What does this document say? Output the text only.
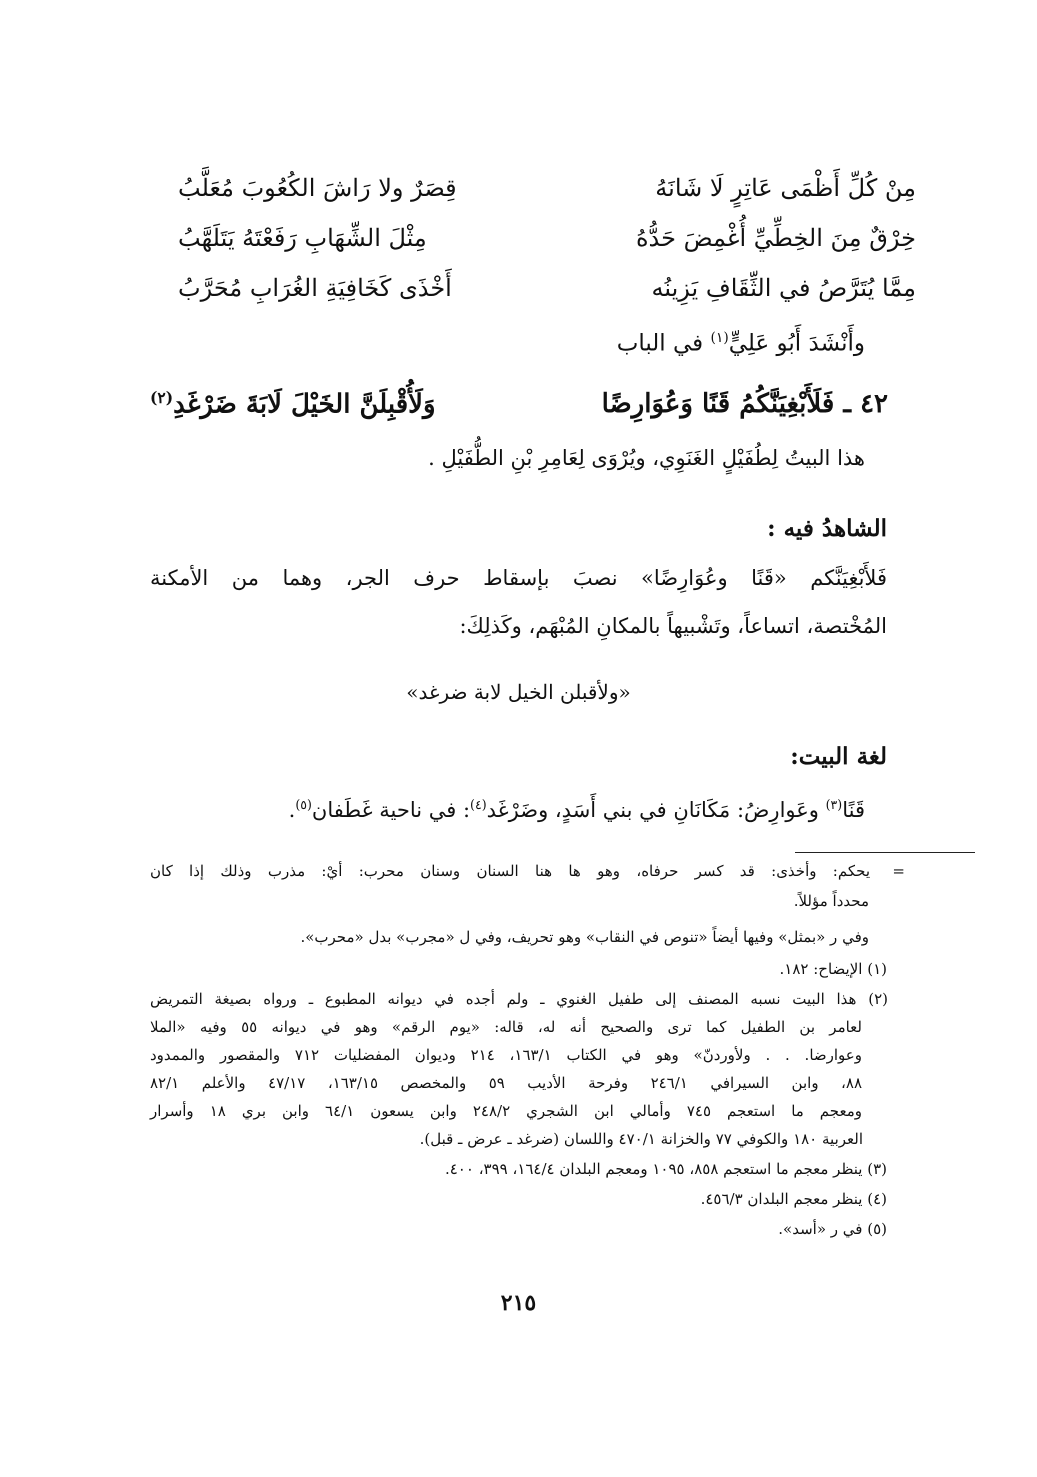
مِنْ كُلِّ أَظْمَى عَاتِرٍ لَا شَانَهُ
قِصَرٌ ولا رَاشَ الكُعُوبَ مُعَلَّبُ
خِرْقٌ مِنَ الخِطِّيِّ أُغْمِضَ حَدُّهُ
مِثْلَ الشِّهَابِ رَفَعْتَهُ يَتَلَهَّبُ
مِمَّا يُتَرَّصُ في الثِّقَافِ يَزِينُه
أَخْذَى كَخَافِيَةِ الغُرَابِ مُحَرَّبُ
وأَنْشَدَ أَبُو عَلِيٍّ$^{(١)}$ في الباب
٤٢ ـ فَلَأَبْغِيَنَّكُمُ قَنًا وَعُوَارِضًا
وَلَأُقْبِلَنَّ الخَيْلَ لَابَةَ ضَرْغَدِ$^{(٢)}$
هذا البيتُ لِطُفَيْلٍ الغَنَوِي، ويُرْوَى لِعَامِرِ بْنِ الطُّفَيْلِ .
الشاهدُ فيه :
فَلأَبْغِيَنَّكم «قَنًا وعُوَارِضًا» نصبَ بإسقاط حرف الجر، وهما من الأمكنة
المُخْتصة، اتساعاً، وتَشْبيهاً بالمكانِ المُبْهَم، وكَذلِكَ:
«ولأقبلن الخيل لابة ضرغد»
لغة البيت:
قَنًا$^{(٣)}$ وعَوارِضُ: مَكَانَانِ في بني أَسَدٍ، وضَرْغَد$^{(٤)}$: في ناحية غَطَفان$^{(٥)}$.
=
يحكم: وأخذى: قد كسر حرفاه، وهو ها هنا السنان وسنان محرب: أيْ: مذرب وذلك إذا كان
محدداً مؤللاً.
وفي ر «بمثل» وفيها أيضاً «تنوص في النقاب» وهو تحريف، وفي ل «مجرب» بدل «محرب».
(١) الإيضاح: ١٨٢.
(٢) هذا البيت نسبه المصنف إلى طفيل الغنوي ـ ولم أجده في ديوانه المطبوع ـ ورواه بصيغة التمريض
لعامر بن الطفيل كما ترى والصحيح أنه له، قاله: «يوم الرقم» وهو في ديوانه ٥٥ وفيه «الملا
وعوارضا. . . ولأوردنّ» وهو في الكتاب ١٦٣/١، ٢١٤ وديوان المفضليات ٧١٢ والمقصور والممدود
٨٨، وابن السيرافي ٢٤٦/١ وفرحة الأديب ٥٩ والمخصص ١٦٣/١٥، ٤٧/١٧ والأعلم ٨٢/١
ومعجم ما استعجم ٧٤٥ وأمالي ابن الشجري ٢٤٨/٢ وابن يسعون ٦٤/١ وابن بري ١٨ وأسرار
العربية ١٨٠ والكوفي ٧٧ والخزانة ٤٧٠/١ واللسان (ضرغد ـ عرض ـ قبل).
(٣) ينظر معجم ما استعجم ٨٥٨، ١٠٩٥ ومعجم البلدان ١٦٤/٤، ٣٩٩، ٤٠٠.
(٤) ينظر معجم البلدان ٤٥٦/٣.
(٥) في ر «أسد».
٢١٥
